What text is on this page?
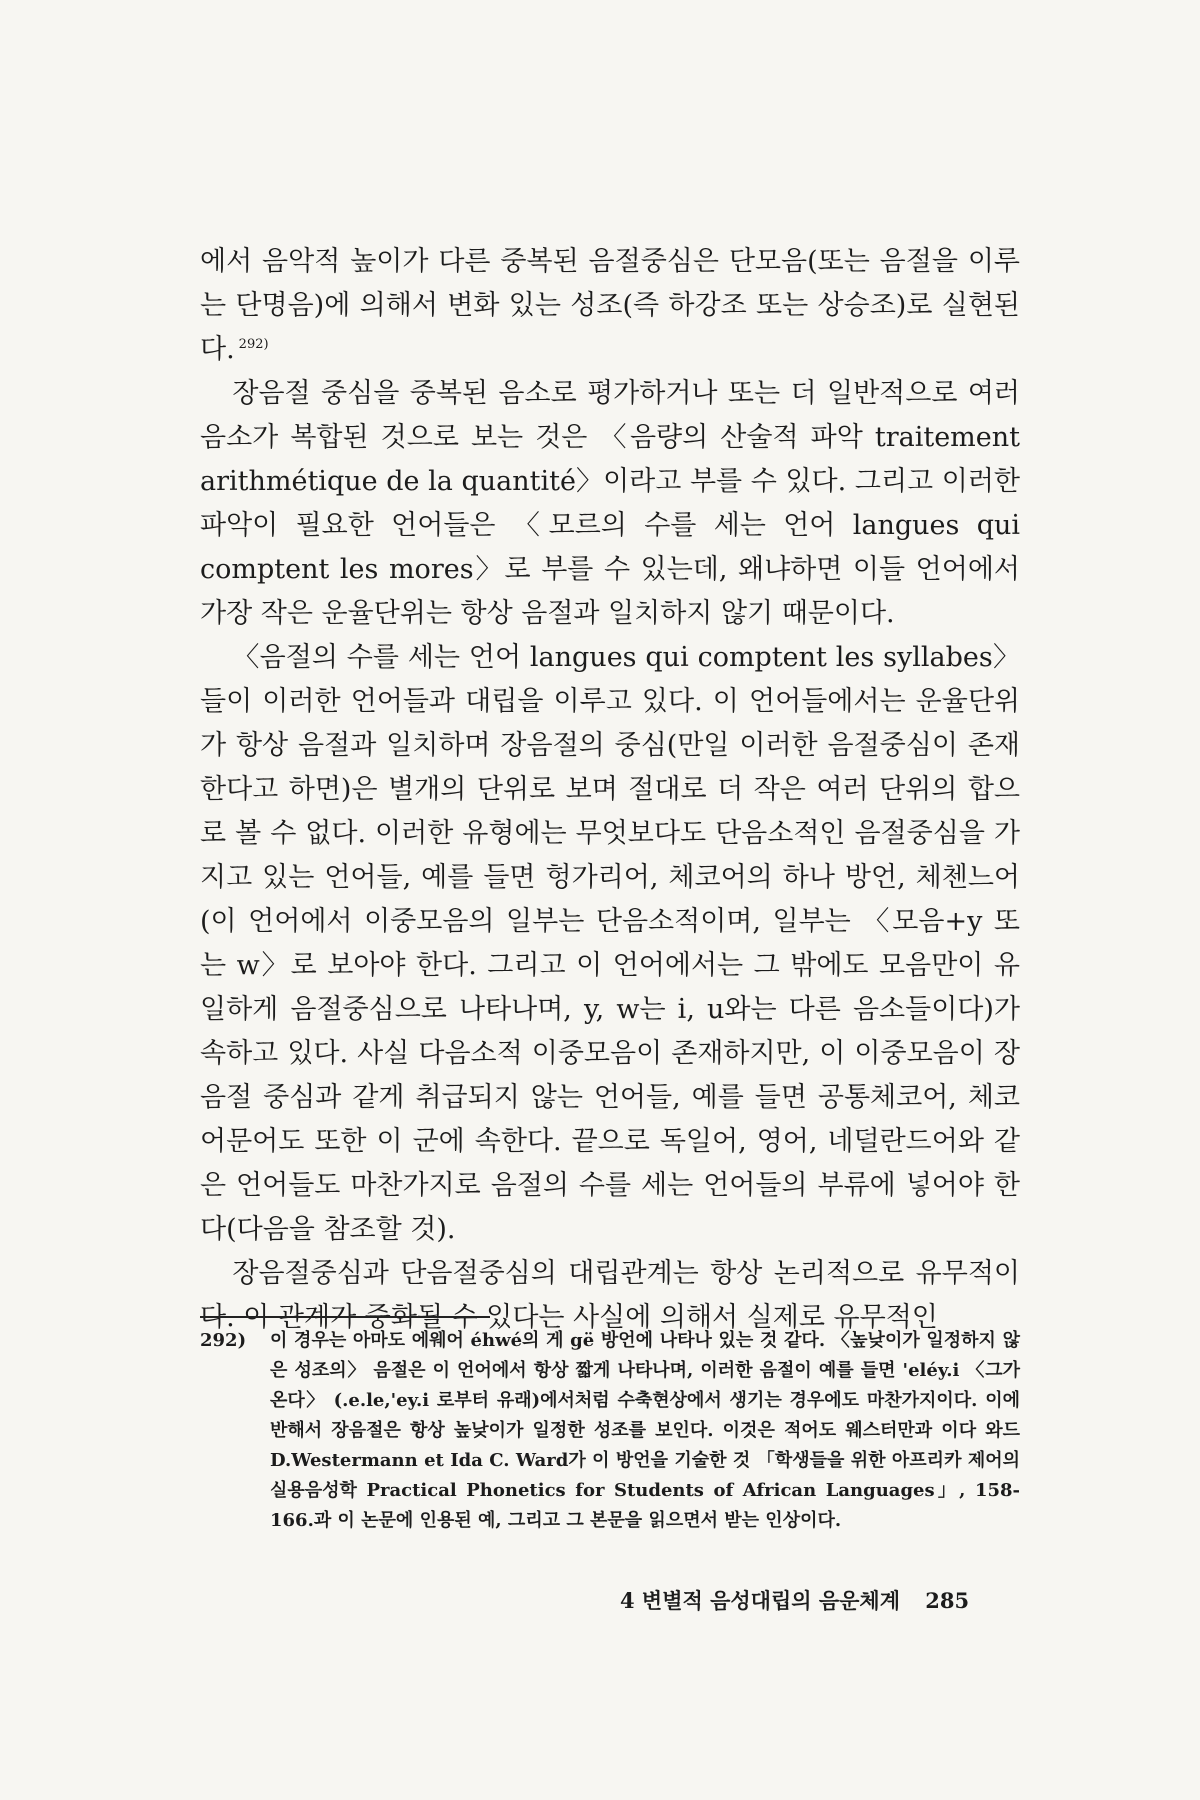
에서 음악적 높이가 다른 중복된 음절중심은 단모음(또는 음절을 이루는 단명음)에 의해서 변화 있는 성조(즉 하강조 또는 상승조)로 실현된다. $^{292)}$

장음절 중심을 중복된 음소로 평가하거나 또는 더 일반적으로 여러 음소가 복합된 것으로 보는 것은 〈음량의 산술적 파악 traitement arithmétique de la quantité〉이라고 부를 수 있다. 그리고 이러한 파악이 필요한 언어들은 〈모르의 수를 세는 언어 langues qui comptent les mores〉로 부를 수 있는데, 왜냐하면 이들 언어에서 가장 작은 운율단위는 항상 음절과 일치하지 않기 때문이다.

〈음절의 수를 세는 언어 langues qui comptent les syllabes〉들이 이러한 언어들과 대립을 이루고 있다. 이 언어들에서는 운율단위가 항상 음절과 일치하며 장음절의 중심(만일 이러한 음절중심이 존재한다고 하면)은 별개의 단위로 보며 절대로 더 작은 여러 단위의 합으로 볼 수 없다. 이러한 유형에는 무엇보다도 단음소적인 음절중심을 가지고 있는 언어들, 예를 들면 헝가리어, 체코어의 하나 방언, 체첸느어(이 언어에서 이중모음의 일부는 단음소적이며, 일부는 〈모음+y 또는 w〉로 보아야 한다. 그리고 이 언어에서는 그 밖에도 모음만이 유일하게 음절중심으로 나타나며, y, w는 i, u와는 다른 음소들이다)가 속하고 있다. 사실 다음소적 이중모음이 존재하지만, 이 이중모음이 장음절 중심과 같게 취급되지 않는 언어들, 예를 들면 공통체코어, 체코어문어도 또한 이 군에 속한다. 끝으로 독일어, 영어, 네덜란드어와 같은 언어들도 마찬가지로 음절의 수를 세는 언어들의 부류에 넣어야 한다(다음을 참조할 것).

장음절중심과 단음절중심의 대립관계는 항상 논리적으로 유무적이다. 이 관계가 중화될 수 있다는 사실에 의해서 실제로 유무적인

292)	이 경우는 아마도 에웨어 éhwé의 게 gë 방언에 나타나 있는 것 같다. 〈높낮이가 일정하지 않은 성조의〉 음절은 이 언어에서 항상 짧게 나타나며, 이러한 음절이 예를 들면 'eléy.i 〈그가 온다〉 (.e.le,'ey.i 로부터 유래)에서처럼 수축현상에서 생기는 경우에도 마찬가지이다. 이에 반해서 장음절은 항상 높낮이가 일정한 성조를 보인다. 이것은 적어도 웨스터만과 이다 와드 D.Westermann et Ida C. Ward가 이 방언을 기술한 것 「학생들을 위한 아프리카 제어의 실용음성학 Practical Phonetics for Students of African Languages」, 158-166.과 이 논문에 인용된 예, 그리고 그 본문을 읽으면서 받는 인상이다.
4 변별적 음성대립의 음운체계 285
